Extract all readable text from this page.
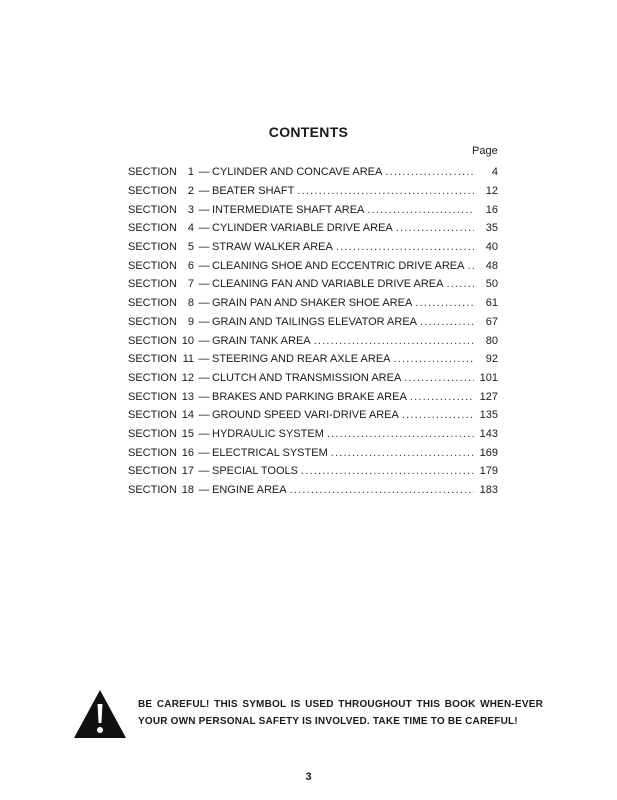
CONTENTS
Page
SECTION 1 — CYLINDER AND CONCAVE AREA .....	4
SECTION 2 — BEATER SHAFT .....	12
SECTION 3 — INTERMEDIATE SHAFT AREA .....	16
SECTION 4 — CYLINDER VARIABLE DRIVE AREA .....	35
SECTION 5 — STRAW WALKER AREA .....	40
SECTION 6 — CLEANING SHOE AND ECCENTRIC DRIVE AREA .....	48
SECTION 7 — CLEANING FAN AND VARIABLE DRIVE AREA .....	50
SECTION 8 — GRAIN PAN AND SHAKER SHOE AREA .....	61
SECTION 9 — GRAIN AND TAILINGS ELEVATOR AREA .....	67
SECTION 10 — GRAIN TANK AREA .....	80
SECTION 11 — STEERING AND REAR AXLE AREA .....	92
SECTION 12 — CLUTCH AND TRANSMISSION AREA .....	101
SECTION 13 — BRAKES AND PARKING BRAKE AREA .....	127
SECTION 14 — GROUND SPEED VARI-DRIVE AREA .....	135
SECTION 15 — HYDRAULIC SYSTEM .....	143
SECTION 16 — ELECTRICAL SYSTEM .....	169
SECTION 17 — SPECIAL TOOLS .....	179
SECTION 18 — ENGINE AREA .....	183
BE CAREFUL! THIS SYMBOL IS USED THROUGHOUT THIS BOOK WHEN-EVER YOUR OWN PERSONAL SAFETY IS INVOLVED. TAKE TIME TO BE CAREFUL!
3
